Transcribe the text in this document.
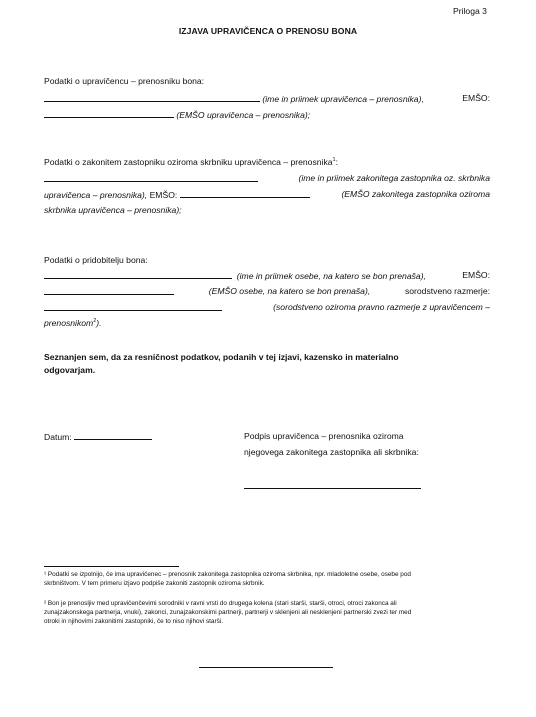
Priloga 3
IZJAVA UPRAVIČENCA O PRENOSU BONA
Podatki o upravičencu – prenosniku bona:
(ime in priimek upravičenca – prenosnika),	EMŠO:
(EMŠO upravičenca – prenosnika);
Podatki o zakonitem zastopniku oziroma skrbniku upravičenca – prenosnika$^1$:
(ime in priimek zakonitega zastopnika oz. skrbnika
upravičenca – prenosnika), EMŠO:	(EMŠO zakonitega zastopnika oziroma
skrbnika upravičenca – prenosnika);
Podatki o pridobitelju bona:
(ime in priimek osebe, na katero se bon prenaša),	EMŠO:
(EMŠO osebe, na katero se bon prenaša),	sorodstveno razmerje:
(sorodstveno oziroma pravno razmerje z upravičencem –
prenosnikom$^2$).
Seznanjen sem, da za resničnost podatkov, podanih v tej izjavi, kazensko in materialno
odgovarjam.
Datum:	Podpis upravičenca – prenosnika oziroma
njegovega zakonitega zastopnika ali skrbnika:
¹ Podatki se izpolnijo, če ima upravičenec – prenosnik zakonitega zastopnika oziroma skrbnika, npr. mladoletne osebe, osebe pod
skrbništvom. V tem primeru izjavo podpiše zakoniti zastopnik oziroma skrbnik.
² Bon je prenosljiv med upravičenčevimi sorodniki v ravni vrsti do drugega kolena (stari starši, starši, otroci, otroci zakonca ali
zunajzakonskega partnerja, vnuki), zakonci, zunajzakonskimi partnerji, partnerji v sklenjeni ali nesklenjeni partnerski zvezi ter med
otroki in njihovimi zakonitimi zastopniki, če to niso njihovi starši.
